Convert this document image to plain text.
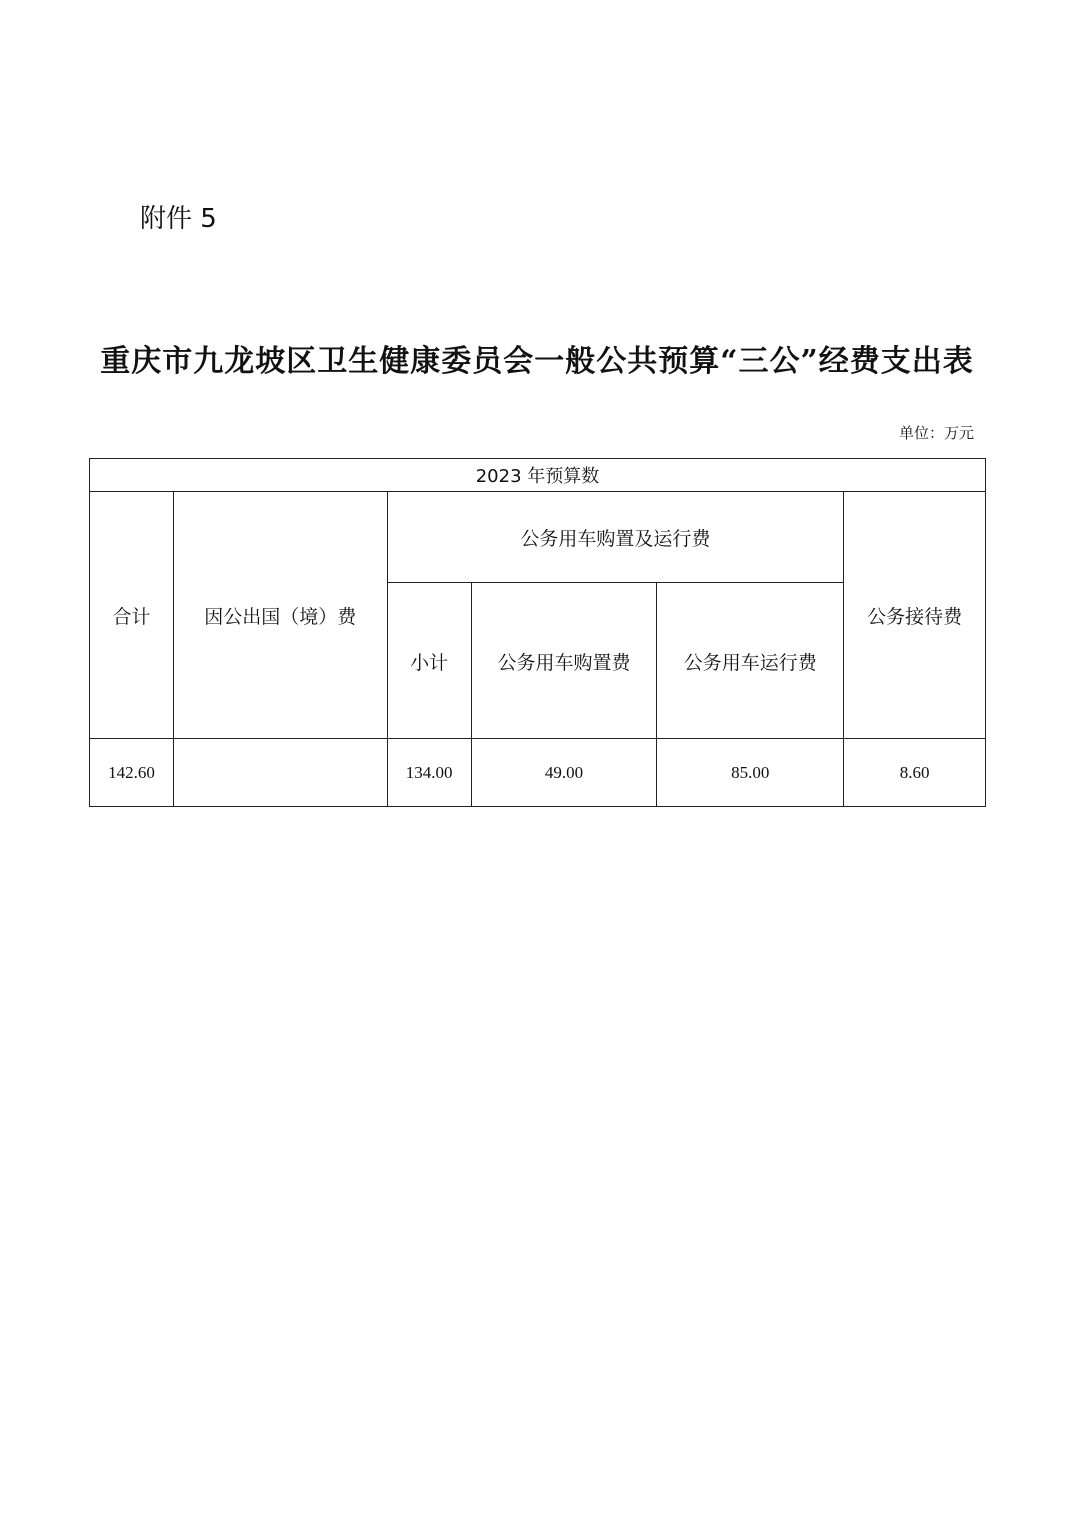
附件 5
重庆市九龙坡区卫生健康委员会一般公共预算“三公”经费支出表
单位：万元
2023 年预算数					
合计	因公出国（境）费	公务用车购置及运行费			公务接待费
		小计	公务用车购置费	公务用车运行费	
142.60		134.00	49.00	85.00	8.60
